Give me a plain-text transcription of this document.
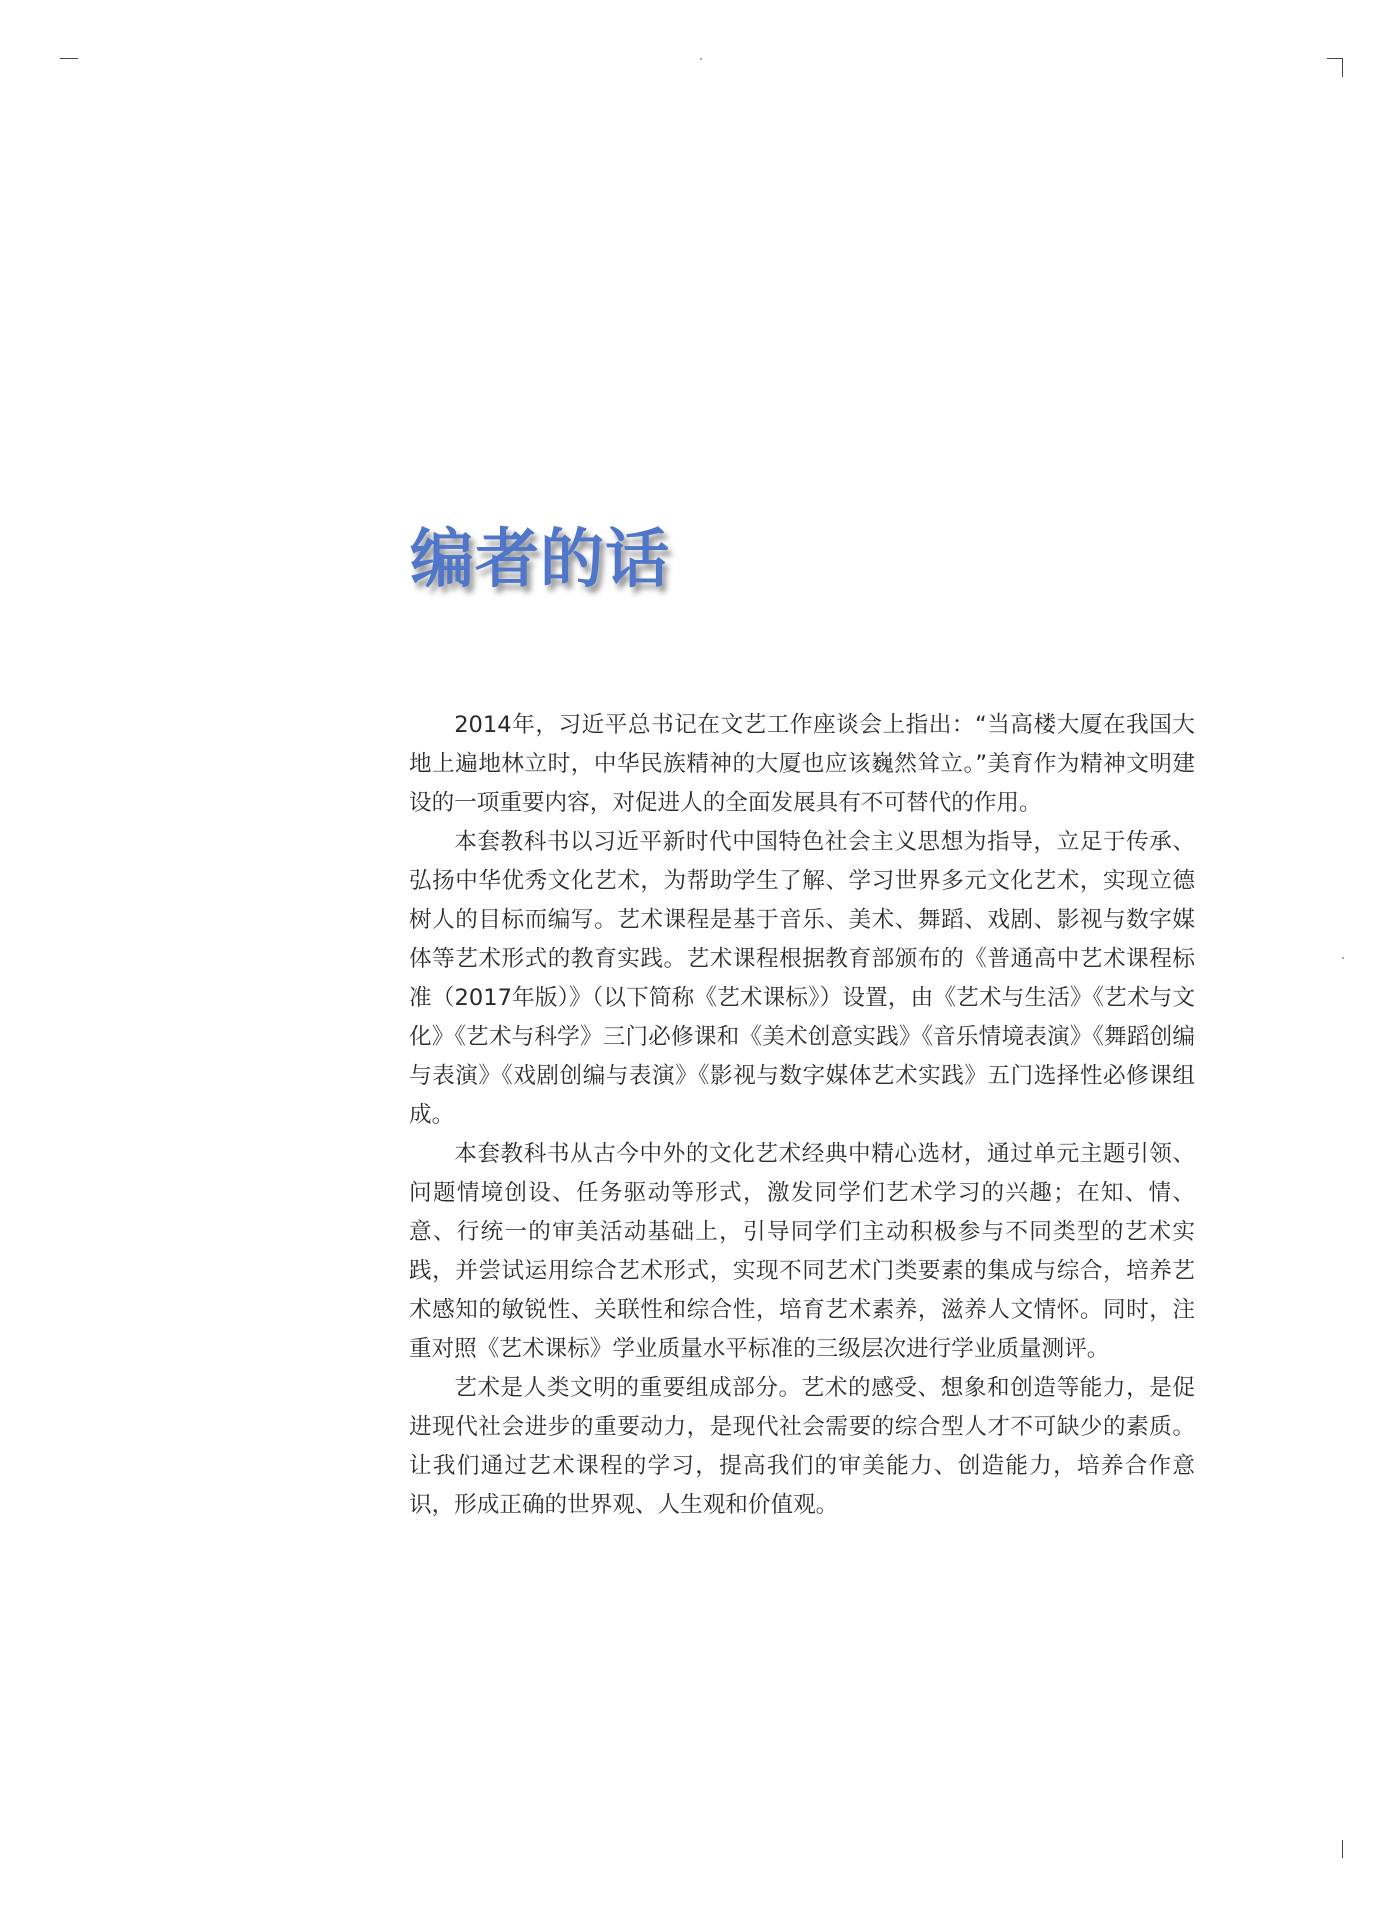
编者的话

2014年，习近平总书记在文艺工作座谈会上指出：“当高楼大厦在我国大地上遍地林立时，中华民族精神的大厦也应该巍然耸立。”美育作为精神文明建设的一项重要内容，对促进人的全面发展具有不可替代的作用。

本套教科书以习近平新时代中国特色社会主义思想为指导，立足于传承、弘扬中华优秀文化艺术，为帮助学生了解、学习世界多元文化艺术，实现立德树人的目标而编写。艺术课程是基于音乐、美术、舞蹈、戏剧、影视与数字媒体等艺术形式的教育实践。艺术课程根据教育部颁布的《普通高中艺术课程标准（2017年版）》（以下简称《艺术课标》）设置，由《艺术与生活》《艺术与文化》《艺术与科学》三门必修课和《美术创意实践》《音乐情境表演》《舞蹈创编与表演》《戏剧创编与表演》《影视与数字媒体艺术实践》五门选择性必修课组成。

本套教科书从古今中外的文化艺术经典中精心选材，通过单元主题引领、问题情境创设、任务驱动等形式，激发同学们艺术学习的兴趣；在知、情、意、行统一的审美活动基础上，引导同学们主动积极参与不同类型的艺术实践，并尝试运用综合艺术形式，实现不同艺术门类要素的集成与综合，培养艺术感知的敏锐性、关联性和综合性，培育艺术素养，滋养人文情怀。同时，注重对照《艺术课标》学业质量水平标准的三级层次进行学业质量测评。

艺术是人类文明的重要组成部分。艺术的感受、想象和创造等能力，是促进现代社会进步的重要动力，是现代社会需要的综合型人才不可缺少的素质。让我们通过艺术课程的学习，提高我们的审美能力、创造能力，培养合作意识，形成正确的世界观、人生观和价值观。
